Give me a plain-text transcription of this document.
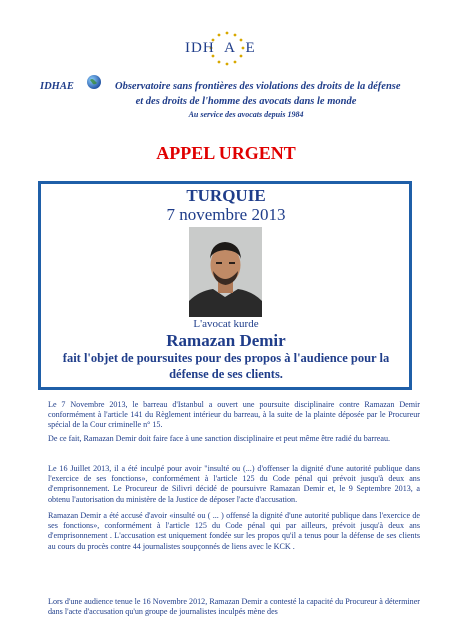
IDH A E
IDHAE	Observatoire sans frontières des violations des droits de la défense
et des droits de l'homme des avocats dans le monde
Au service des avocats depuis 1984
APPEL URGENT
TURQUIE
7 novembre 2013
L'avocat kurde
Ramazan Demir
fait l'objet de poursuites pour des propos à l'audience pour la défense de ses clients.
Le 7 Novembre 2013, le barreau d'Istanbul a ouvert une poursuite disciplinaire contre Ramazan Demir conformément à l'article 141 du Règlement intérieur du barreau, à la suite de la plainte déposée par le Procureur spécial de la Cour criminelle n° 15.
De ce fait, Ramazan Demir doit faire face à une sanction disciplinaire et peut même être radié du barreau.
Le 16 Juillet 2013, il a été inculpé pour avoir "insulté ou (...) d'offenser la dignité d'une autorité publique dans l'exercice de ses fonctions», conformément à l'article 125 du Code pénal qui prévoit jusqu'à deux ans d'emprisonnement. Le Procureur de Silivri décidé de poursuivre Ramazan Demir et, le 9 Septembre 2013, a obtenu l'autorisation du ministère de la Justice de déposer l'acte d'accusation.
Ramazan Demir a été accusé d'avoir «insulté ou ( ... ) offensé la dignité d'une autorité publique dans l'exercice de ses fonctions», conformément à l'article 125 du Code pénal qui par ailleurs, prévoit jusqu'à deux ans d'emprisonnement . L'accusation est uniquement fondée sur les propos qu'il a tenus pour la défense de ses clients au cours du procès contre 44 journalistes soupçonnés de liens avec le KCK .
Lors d'une audience tenue le 16 Novembre 2012, Ramazan Demir a contesté la capacité du Procureur à déterminer dans l'acte d'accusation qu'un groupe de journalistes inculpés mène des
